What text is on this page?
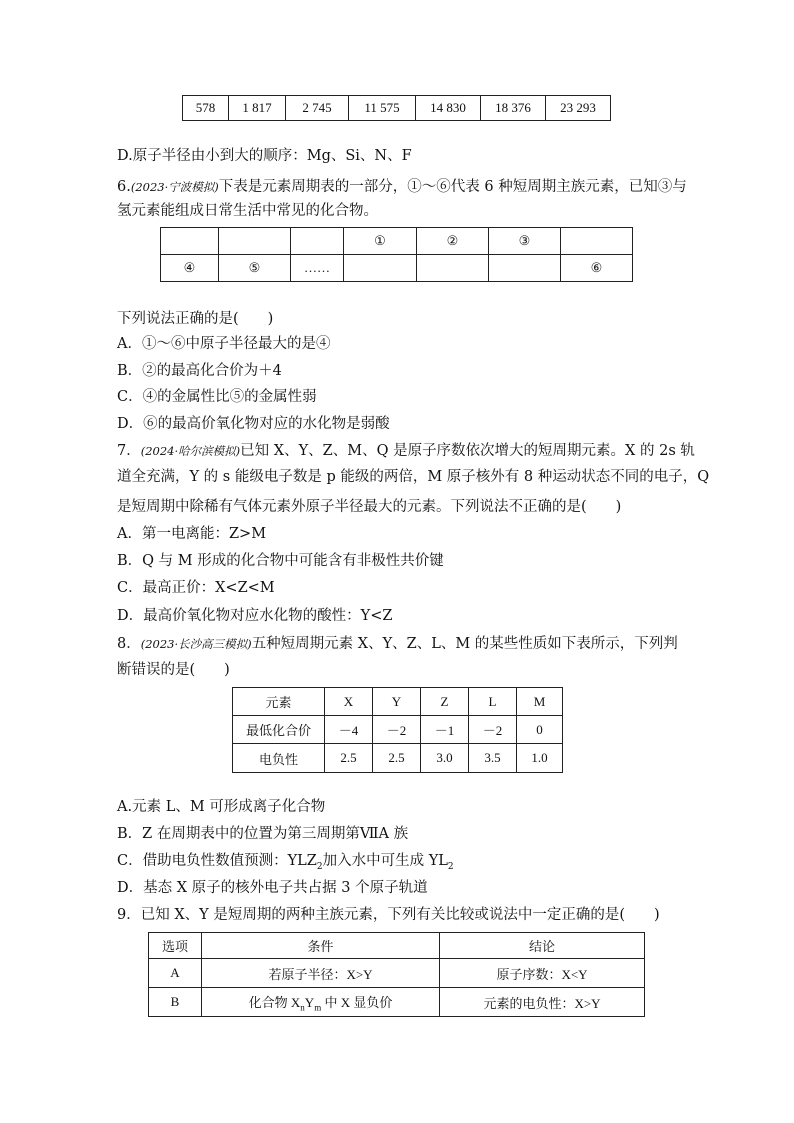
578	1 817	2 745	11 575	14 830	18 376	23 293
D.原子半径由小到大的顺序：Mg、Si、N、F
6.(2023·宁波模拟)下表是元素周期表的一部分，①～⑥代表 6 种短周期主族元素，已知③与
氢元素能组成日常生活中常见的化合物。
			①	②	③	
④	⑤	……				⑥
下列说法正确的是(　　)
A．①～⑥中原子半径最大的是④
B．②的最高化合价为＋4
C．④的金属性比⑤的金属性弱
D．⑥的最高价氧化物对应的水化物是弱酸
7．(2024·哈尔滨模拟)已知 X、Y、Z、M、Q 是原子序数依次增大的短周期元素。X 的 2s 轨
道全充满，Y 的 s 能级电子数是 p 能级的两倍，M 原子核外有 8 种运动状态不同的电子，Q
是短周期中除稀有气体元素外原子半径最大的元素。下列说法不正确的是(　　)
A．第一电离能：Z>M
B．Q 与 M 形成的化合物中可能含有非极性共价键
C．最高正价：X<Z<M
D．最高价氧化物对应水化物的酸性：Y<Z
8．(2023·长沙高三模拟)五种短周期元素 X、Y、Z、L、M 的某些性质如下表所示，下列判
断错误的是(　　)
元素	X	Y	Z	L	M
最低化合价	－4	－2	－1	－2	0
电负性	2.5	2.5	3.0	3.5	1.0
A.元素 L、M 可形成离子化合物
B．Z 在周期表中的位置为第三周期第ⅦA 族
C．借助电负性数值预测：$YLZ_2$加入水中可生成 $YL_2$
D．基态 X 原子的核外电子共占据 3 个原子轨道
9．已知 X、Y 是短周期的两种主族元素，下列有关比较或说法中一定正确的是(　　)
选项	条件	结论
A	若原子半径：X>Y	原子序数：X<Y
B	化合物 $X_nY_m$ 中 X 显负价	元素的电负性：X>Y
